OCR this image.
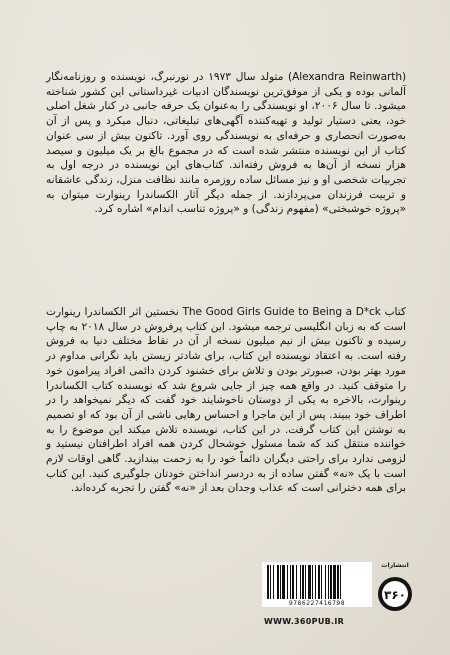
(Alexandra Reinwarth) متولد سال ۱۹۷۳ در نورنبرگ، نویسنده و روزنامه‌نگار آلمانی بوده و یکی از موفق‌ترین نویسندگان ادبیات غیرداستانی این کشور شناخته میشود. تا سال ۲۰۰۶، او نویسندگی را به‌عنوان یک حرفه جانبی در کنار شغل اصلی خود، یعنی دستیار تولید و تهیه‌کننده آگهی‌های تبلیغاتی، دنبال میکرد و پس از آن به‌صورت انحصاری و حرفه‌ای به نویسندگی روی آورد. تاکنون بیش از سی عنوان کتاب از این نویسنده منتشر شده است که در مجموع بالغ بر یک میلیون و سیصد هزار نسخه از آن‌ها به فروش رفته‌اند. کتاب‌های این نویسنده در درجه اول به تجربیات شخصی او و نیز مسائل ساده روزمره مانند نظافت منزل، زندگی عاشقانه و تربیت فرزندان می‌پردازند. از جمله دیگر آثار الکساندرا رینوارت میتوان به «پروژه خوشبختی» (مفهوم زندگی) و «پروژه تناسب اندام» اشاره کرد.
کتاب The Good Girls Guide to Being a D*ck نخستین اثر الکساندرا رینوارت است که به زبان انگلیسی ترجمه میشود. این کتاب پرفروش در سال ۲۰۱۸ به چاپ رسیده و تاکنون بیش از نیم میلیون نسخه از آن در نقاط مختلف دنیا به فروش رفته است. به اعتقاد نویسنده این کتاب، برای شادتر زیستن باید نگرانی مداوم در مورد بهتر بودن، صبورتر بودن و تلاش برای خشنود کردن دائمی افراد پیرامون خود را متوقف کنید. در واقع همه چیز از جایی شروع شد که نویسنده کتاب الکساندرا رینوارت، بالاخره به یکی از دوستان ناخوشایند خود گفت که دیگر نمیخواهد را در اطراف خود ببیند. پس از این ماجرا و احساس رهایی ناشی از آن بود که او تصمیم به نوشتن این کتاب گرفت. در این کتاب، نویسنده تلاش میکند این موضوع را به خواننده منتقل کند که شما مسئول خوشحال کردن همه افراد اطرافتان نیستید و لزومی ندارد برای راحتی دیگران دائماً خود را به زحمت بیندازید. گاهی اوقات لازم است با یک «نه» گفتن ساده از به دردسر انداختن خودتان جلوگیری کنید. این کتاب برای همه دخترانی است که عذاب وجدان بعد از «نه» گفتن را تجربه کرده‌اند.
9786227416798
WWW.360PUB.IR
انتشارات
۳۶۰
